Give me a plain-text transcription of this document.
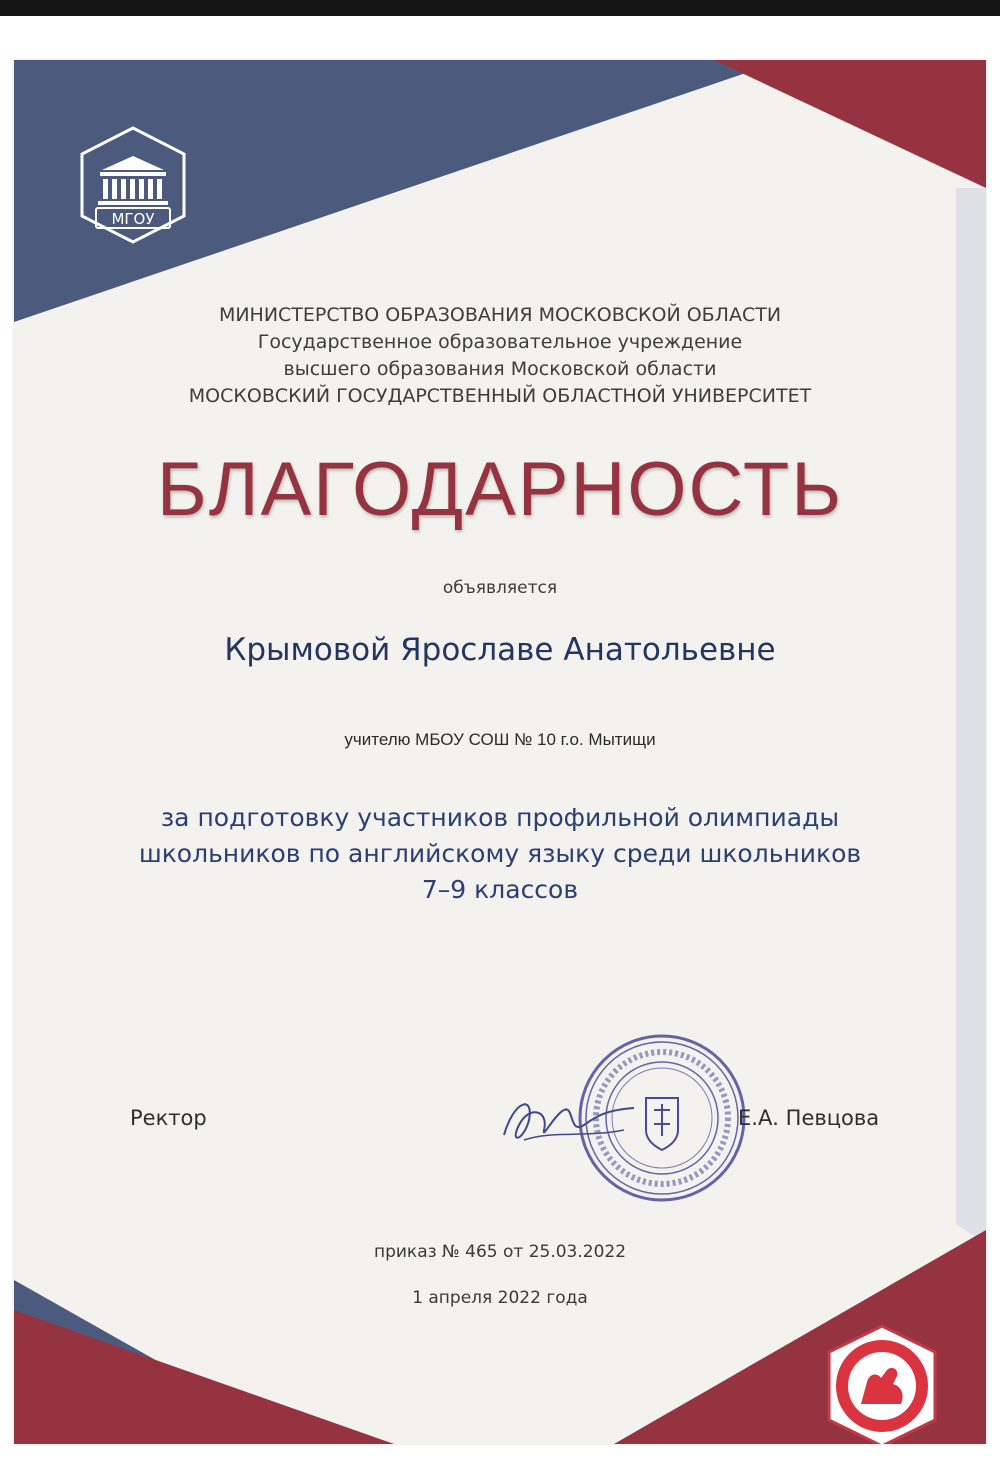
МГОУ
МИНИСТЕРСТВО ОБРАЗОВАНИЯ МОСКОВСКОЙ ОБЛАСТИ
Государственное образовательное учреждение
высшего образования Московской области
МОСКОВСКИЙ ГОСУДАРСТВЕННЫЙ ОБЛАСТНОЙ УНИВЕРСИТЕТ
БЛАГОДАРНОСТЬ
объявляется
Крымовой Ярославе Анатольевне
учителю МБОУ СОШ № 10 г.о. Мытищи
за подготовку участников профильной олимпиады
школьников по английскому языку среди школьников
7–9 классов
Ректор	Е.А. Певцова
приказ № 465 от 25.03.2022
1 апреля 2022 года
